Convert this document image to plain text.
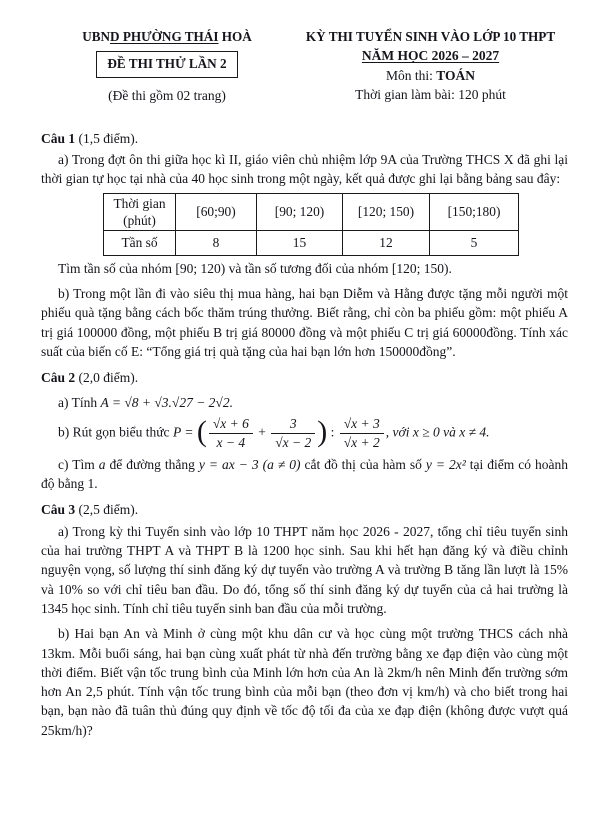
UBND PHƯỜNG THÁI HOÀ
ĐỀ THI THỬ LẦN 2
(Đề thi gồm 02 trang)
KỲ THI TUYỂN SINH VÀO LỚP 10 THPT
NĂM HỌC 2026 – 2027
Môn thi: TOÁN
Thời gian làm bài: 120 phút
Câu 1 (1,5 điểm).
a) Trong đợt ôn thi giữa học kì II, giáo viên chủ nhiệm lớp 9A của Trường THCS X đã ghi lại thời gian tự học tại nhà của 40 học sinh trong một ngày, kết quả được ghi lại bằng bảng sau đây:
Thời gian (phút)	[60;90)	[90; 120)	[120; 150)	[150;180)
Tần số	8	15	12	5
Tìm tần số của nhóm [90; 120) và tần số tương đối của nhóm [120; 150).
b) Trong một lần đi vào siêu thị mua hàng, hai bạn Diễm và Hằng được tặng mỗi người một phiếu quà tặng bằng cách bốc thăm trúng thưởng. Biết rằng, chỉ còn ba phiếu gồm: một phiếu A trị giá 100000 đồng, một phiếu B trị giá 80000 đồng và một phiếu C trị giá 60000đồng. Tính xác suất của biến cố E: “Tổng giá trị quà tặng của hai bạn lớn hơn 150000đồng”.
Câu 2 (2,0 điểm).
a) Tính A = √8 + √3.√27 − 2√2.
b) Rút gọn biểu thức P = ( $\frac{√x + 6}{x - 4} + \frac{3}{√x - 2}$ ) : $\frac{√x + 3}{√x + 2}$ , với x ≥ 0 và x ≠ 4.
c) Tìm a để đường thẳng y = ax − 3 (a ≠ 0) cắt đồ thị của hàm số y = 2x² tại điểm có hoành độ bằng 1.
Câu 3 (2,5 điểm).
a) Trong kỳ thi Tuyển sinh vào lớp 10 THPT năm học 2026 - 2027, tổng chỉ tiêu tuyển sinh của hai trường THPT A và THPT B là 1200 học sinh. Sau khi hết hạn đăng ký và điều chỉnh nguyện vọng, số lượng thí sinh đăng ký dự tuyển vào trường A và trường B tăng lần lượt là 15% và 10% so với chỉ tiêu ban đầu. Do đó, tổng số thí sinh đăng ký dự tuyển của cả hai trường là 1345 học sinh. Tính chỉ tiêu tuyển sinh ban đầu của mỗi trường.
b) Hai bạn An và Minh ở cùng một khu dân cư và học cùng một trường THCS cách nhà 13km. Mỗi buổi sáng, hai bạn cùng xuất phát từ nhà đến trường bằng xe đạp điện vào cùng một thời điểm. Biết vận tốc trung bình của Minh lớn hơn của An là 2km/h nên Minh đến trường sớm hơn An 2,5 phút. Tính vận tốc trung bình của mỗi bạn (theo đơn vị km/h) và cho biết trong hai bạn, bạn nào đã tuân thủ đúng quy định về tốc độ tối đa của xe đạp điện (không được vượt quá 25km/h)?
